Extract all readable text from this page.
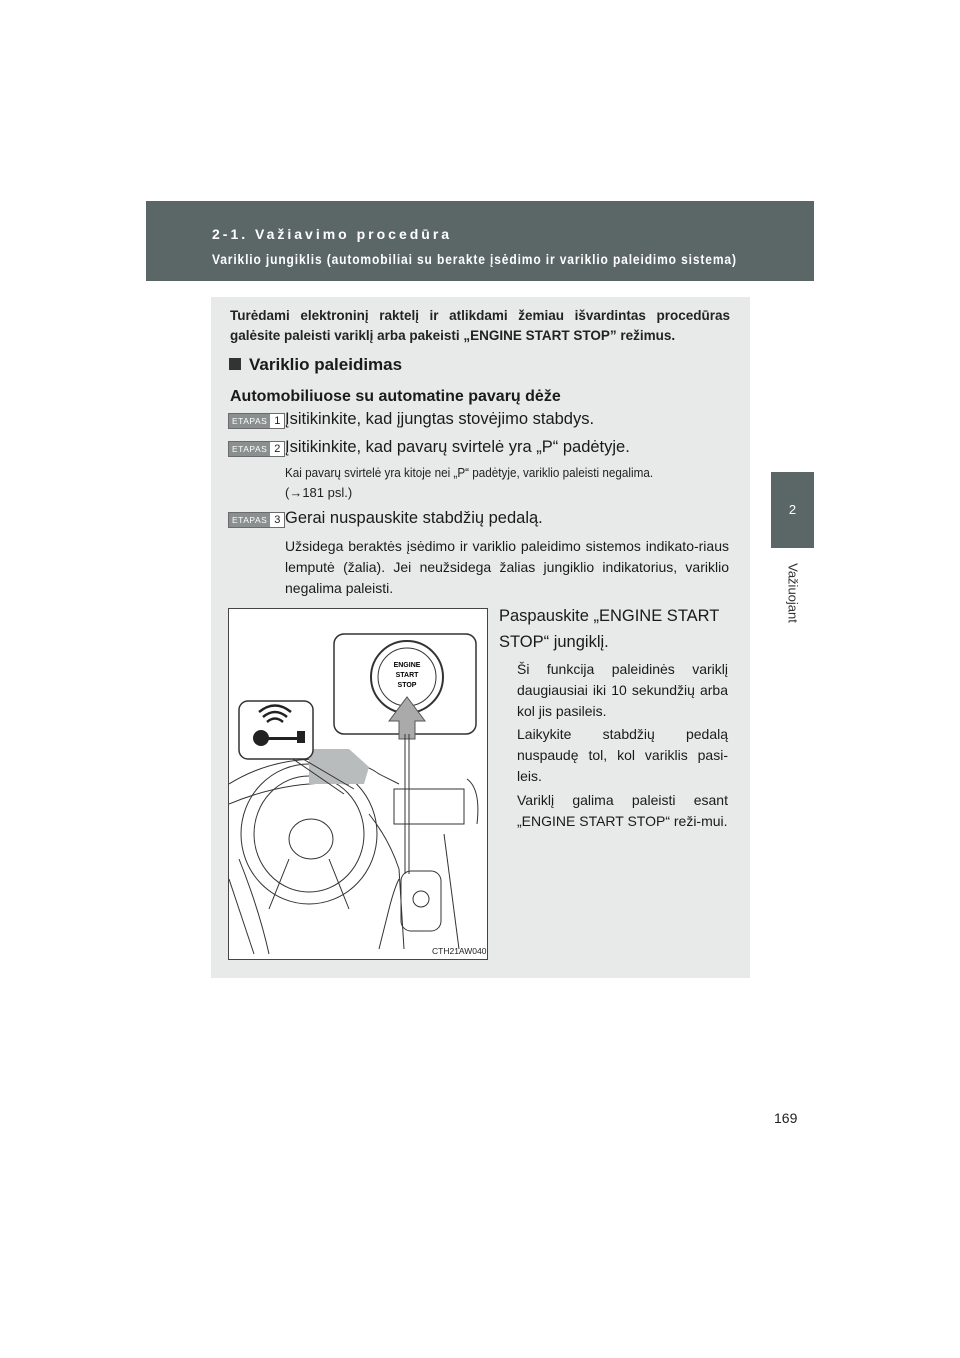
2-1. Važiavimo procedūra
Variklio jungiklis (automobiliai su berakte įsėdimo ir variklio paleidimo sistema)
2
Važiuojant
Turėdami elektroninį raktelį ir atlikdami žemiau išvardintas procedūras galėsite paleisti variklį arba pakeisti „ENGINE START STOP” režimus.
Variklio paleidimas
Automobiliuose su automatine pavarų dėže
ETAPAS 1 Įsitikinkite, kad įjungtas stovėjimo stabdys.
ETAPAS 2 Įsitikinkite, kad pavarų svirtelė yra „P“ padėtyje.
Kai pavarų svirtelė yra kitoje nei „P“ padėtyje, variklio paleisti negalima.
(→181 psl.)
ETAPAS 3 Gerai nuspauskite stabdžių pedalą.
Užsidega beraktės įsėdimo ir variklio paleidimo sistemos indikato-riaus lemputė (žalia). Jei neužsidega žalias jungiklio indikatorius, variklio negalima paleisti.
Paspauskite „ENGINE START STOP“ jungiklį.
Ši funkcija paleidinės variklį daugiausiai iki 10 sekundžių arba kol jis pasileis.
Laikykite stabdžių pedalą nuspaudę tol, kol variklis pasi-leis.
Variklį galima paleisti esant „ENGINE START STOP“ reži-mui.
ENGINE
START
STOP
CTH21AW040
169
